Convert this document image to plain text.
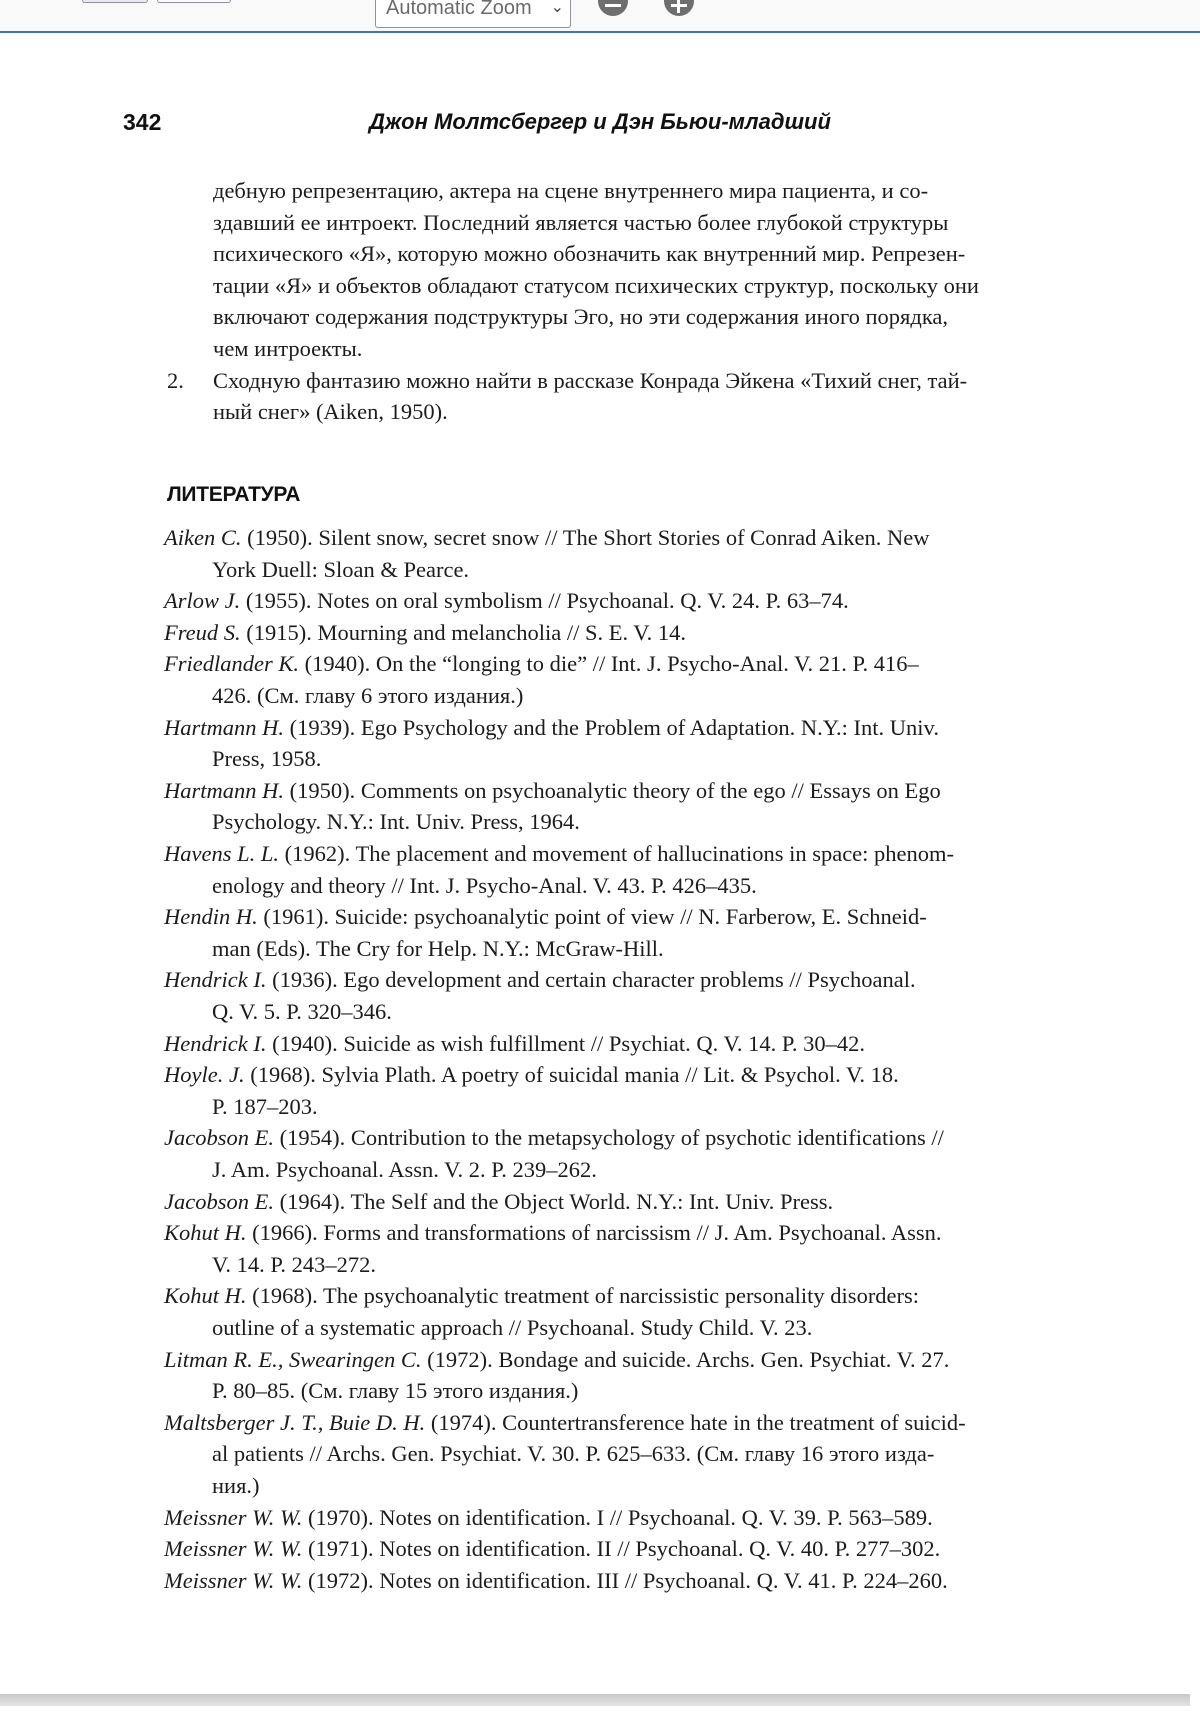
Automatic Zoom ⌄
342	Джон Молтсбергер и Дэн Бьюи-младший
дебную репрезентацию, актера на сцене внутреннего мира пациента, и со-
здавший ее интроект. Последний является частью более глубокой структуры
психического «Я», которую можно обозначить как внутренний мир. Репрезен-
тации «Я» и объектов обладают статусом психических структур, поскольку они
включают содержания подструктуры Эго, но эти содержания иного порядка,
чем интроекты.
2. Сходную фантазию можно найти в рассказе Конрада Эйкена «Тихий снег, тай-
ный снег» (Aiken, 1950).
ЛИТЕРАТУРА
Aiken C. (1950). Silent snow, secret snow // The Short Stories of Conrad Aiken. New
York Duell: Sloan & Pearce.
Arlow J. (1955). Notes on oral symbolism // Psychoanal. Q. V. 24. P. 63–74.
Freud S. (1915). Mourning and melancholia // S. E. V. 14.
Friedlander K. (1940). On the “longing to die” // Int. J. Psycho-Anal. V. 21. P. 416–
426. (См. главу 6 этого издания.)
Hartmann H. (1939). Ego Psychology and the Problem of Adaptation. N.Y.: Int. Univ.
Press, 1958.
Hartmann H. (1950). Comments on psychoanalytic theory of the ego // Essays on Ego
Psychology. N.Y.: Int. Univ. Press, 1964.
Havens L. L. (1962). The placement and movement of hallucinations in space: phenom-
enology and theory // Int. J. Psycho-Anal. V. 43. P. 426–435.
Hendin H. (1961). Suicide: psychoanalytic point of view // N. Farberow, E. Schneid-
man (Eds). The Cry for Help. N.Y.: McGraw-Hill.
Hendrick I. (1936). Ego development and certain character problems // Psychoanal.
Q. V. 5. P. 320–346.
Hendrick I. (1940). Suicide as wish fulfillment // Psychiat. Q. V. 14. P. 30–42.
Hoyle. J. (1968). Sylvia Plath. A poetry of suicidal mania // Lit. & Psychol. V. 18.
P. 187–203.
Jacobson E. (1954). Contribution to the metapsychology of psychotic identifications //
J. Am. Psychoanal. Assn. V. 2. P. 239–262.
Jacobson E. (1964). The Self and the Object World. N.Y.: Int. Univ. Press.
Kohut H. (1966). Forms and transformations of narcissism // J. Am. Psychoanal. Assn.
V. 14. P. 243–272.
Kohut H. (1968). The psychoanalytic treatment of narcissistic personality disorders:
outline of a systematic approach // Psychoanal. Study Child. V. 23.
Litman R. E., Swearingen C. (1972). Bondage and suicide. Archs. Gen. Psychiat. V. 27.
P. 80–85. (См. главу 15 этого издания.)
Maltsberger J. T., Buie D. H. (1974). Countertransference hate in the treatment of suicid-
al patients // Archs. Gen. Psychiat. V. 30. P. 625–633. (См. главу 16 этого изда-
ния.)
Meissner W. W. (1970). Notes on identification. I // Psychoanal. Q. V. 39. P. 563–589.
Meissner W. W. (1971). Notes on identification. II // Psychoanal. Q. V. 40. P. 277–302.
Meissner W. W. (1972). Notes on identification. III // Psychoanal. Q. V. 41. P. 224–260.
